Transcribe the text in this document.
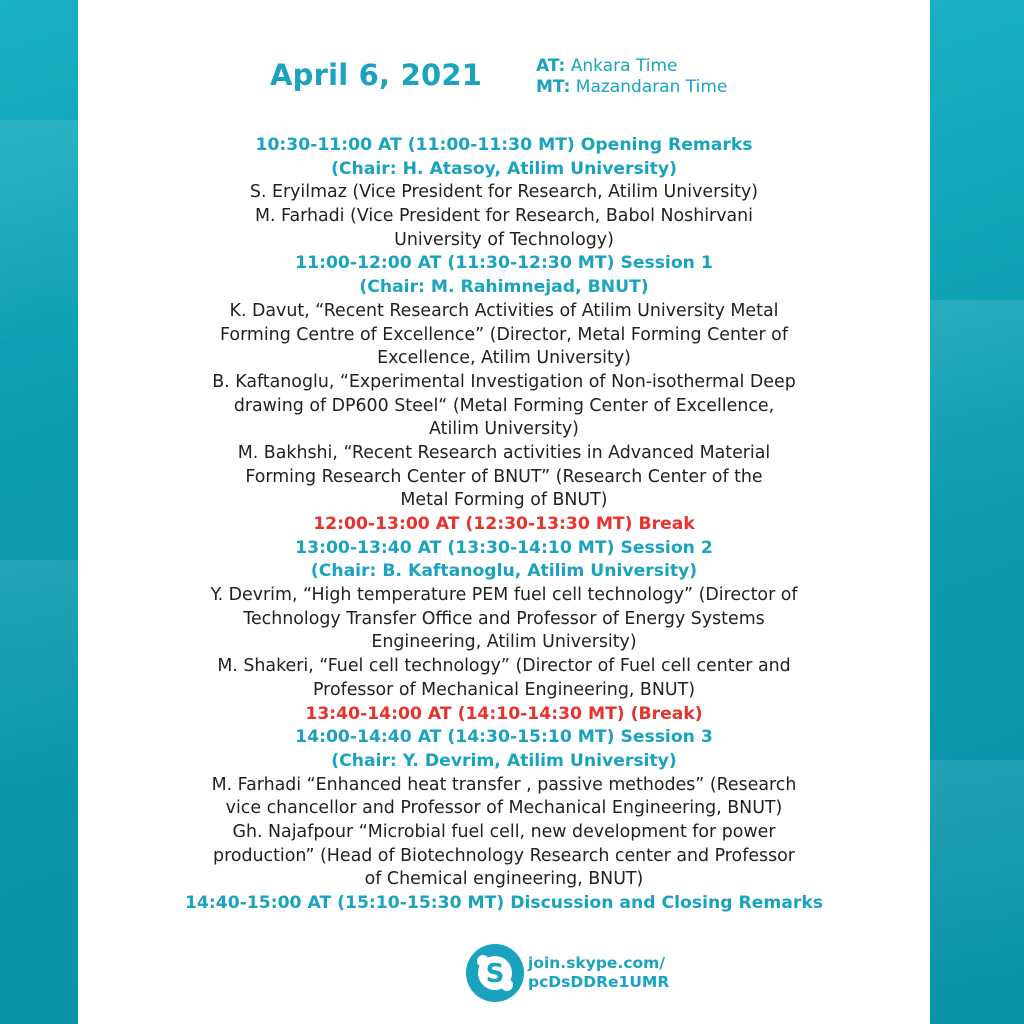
April 6, 2021	AT: Ankara Time
MT: Mazandaran Time
10:30-11:00 AT (11:00-11:30 MT) Opening Remarks
(Chair: H. Atasoy, Atilim University)
S. Eryilmaz (Vice President for Research, Atilim University)
M. Farhadi (Vice President for Research, Babol Noshirvani
University of Technology)
11:00-12:00 AT (11:30-12:30 MT) Session 1
(Chair: M. Rahimnejad, BNUT)
K. Davut, “Recent Research Activities of Atilim University Metal
Forming Centre of Excellence” (Director, Metal Forming Center of
Excellence, Atilim University)
B. Kaftanoglu, “Experimental Investigation of Non-isothermal Deep
drawing of DP600 Steel“ (Metal Forming Center of Excellence,
Atilim University)
M. Bakhshi, “Recent Research activities in Advanced Material
Forming Research Center of BNUT” (Research Center of the
Metal Forming of BNUT)
12:00-13:00 AT (12:30-13:30 MT) Break
13:00-13:40 AT (13:30-14:10 MT) Session 2
(Chair: B. Kaftanoglu, Atilim University)
Y. Devrim, “High temperature PEM fuel cell technology” (Director of
Technology Transfer Office and Professor of Energy Systems
Engineering, Atilim University)
M. Shakeri, “Fuel cell technology” (Director of Fuel cell center and
Professor of Mechanical Engineering, BNUT)
13:40-14:00 AT (14:10-14:30 MT) (Break)
14:00-14:40 AT (14:30-15:10 MT) Session 3
(Chair: Y. Devrim, Atilim University)
M. Farhadi “Enhanced heat transfer , passive methodes” (Research
vice chancellor and Professor of Mechanical Engineering, BNUT)
Gh. Najafpour “Microbial fuel cell, new development for power
production” (Head of Biotechnology Research center and Professor
of Chemical engineering, BNUT)
14:40-15:00 AT (15:10-15:30 MT) Discussion and Closing Remarks
S join.skype.com/
pcDsDDRe1UMR
